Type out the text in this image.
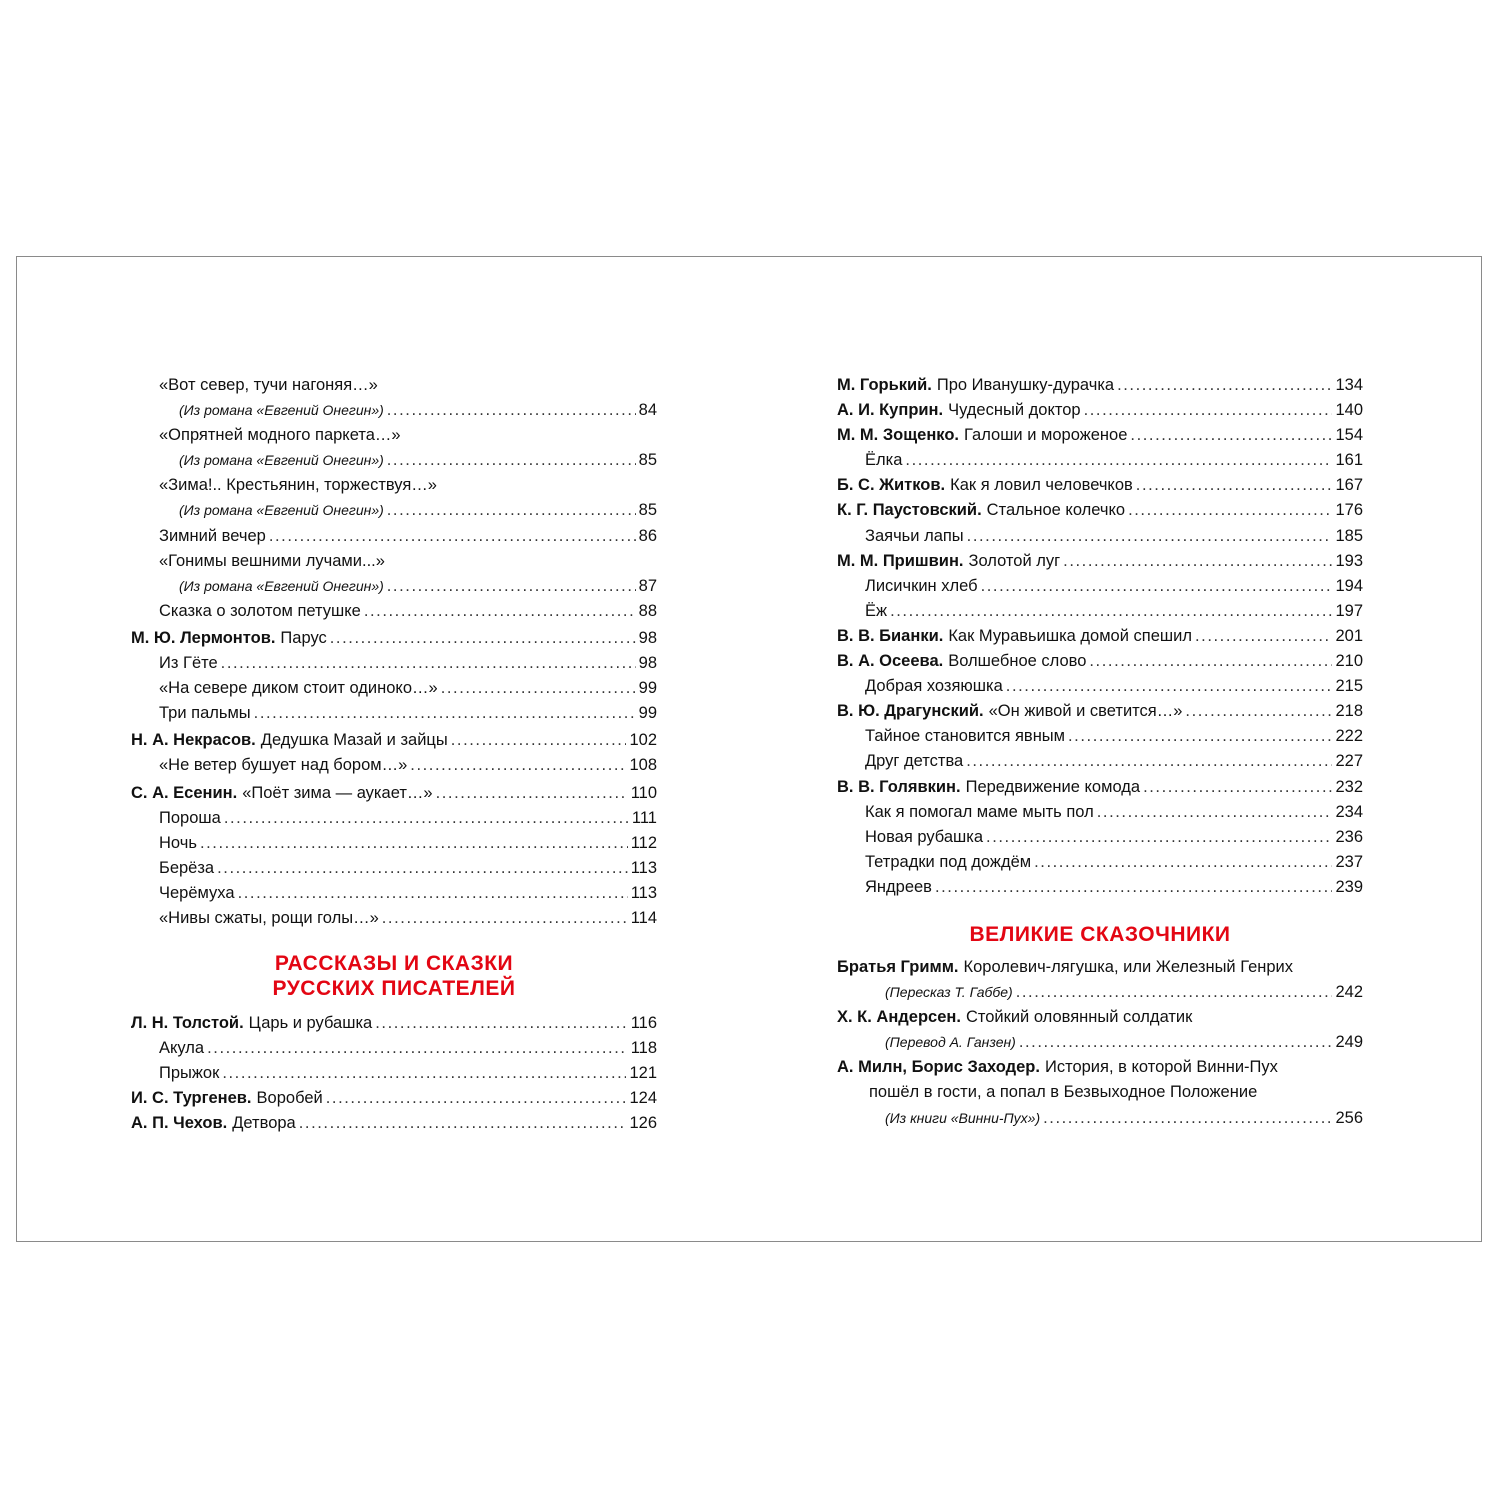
«Вот север, тучи нагоняя…»
(Из романа «Евгений Онегин») . . .	84
«Опрятней модного паркета…»
(Из романа «Евгений Онегин») . . .	85
«Зима!.. Крестьянин, торжествуя…»
(Из романа «Евгений Онегин») . . .	85
Зимний вечер . . .	86
«Гонимы вешними лучами...»
(Из романа «Евгений Онегин») . . .	87
Сказка о золотом петушке . . .	88
М. Ю. Лермонтов. Парус . . .	98
Из Гёте . . .	98
«На севере диком стоит одиноко…» . . .	99
Три пальмы . . .	99
Н. А. Некрасов. Дедушка Мазай и зайцы . . .	102
«Не ветер бушует над бором…» . . .	108
С. А. Есенин. «Поёт зима — аукает…» . . .	110
Пороша . . .	111
Ночь . . .	112
Берёза . . .	113
Черёмуха . . .	113
«Нивы сжаты, рощи голы…» . . .	114
РАССКАЗЫ И СКАЗКИ
РУССКИХ ПИСАТЕЛЕЙ
Л. Н. Толстой. Царь и рубашка . . .	116
Акула . . .	118
Прыжок . . .	121
И. С. Тургенев. Воробей . . .	124
А. П. Чехов. Детвора . . .	126
М. Горький. Про Иванушку-дурачка . . .	134
А. И. Куприн. Чудесный доктор . . .	140
М. М. Зощенко. Галоши и мороженое . . .	154
Ёлка . . .	161
Б. С. Житков. Как я ловил человечков . . .	167
К. Г. Паустовский. Стальное колечко . . .	176
Заячьи лапы . . .	185
М. М. Пришвин. Золотой луг . . .	193
Лисичкин хлеб . . .	194
Ёж . . .	197
В. В. Бианки. Как Муравьишка домой спешил . . .	201
В. А. Осеева. Волшебное слово . . .	210
Добрая хозяюшка . . .	215
В. Ю. Драгунский. «Он живой и светится…» . . .	218
Тайное становится явным . . .	222
Друг детства . . .	227
В. В. Голявкин. Передвижение комода . . .	232
Как я помогал маме мыть пол . . .	234
Новая рубашка . . .	236
Тетрадки под дождём . . .	237
Яндреев . . .	239
ВЕЛИКИЕ СКАЗОЧНИКИ
Братья Гримм. Королевич-лягушка, или Железный Генрих
(Пересказ Т. Габбе) . . .	242
Х. К. Андерсен. Стойкий оловянный солдатик
(Перевод А. Ганзен) . . .	249
А. Милн, Борис Заходер. История, в которой Винни-Пух
пошёл в гости, а попал в Безвыходное Положение
(Из книги «Винни-Пух») . . .	256
